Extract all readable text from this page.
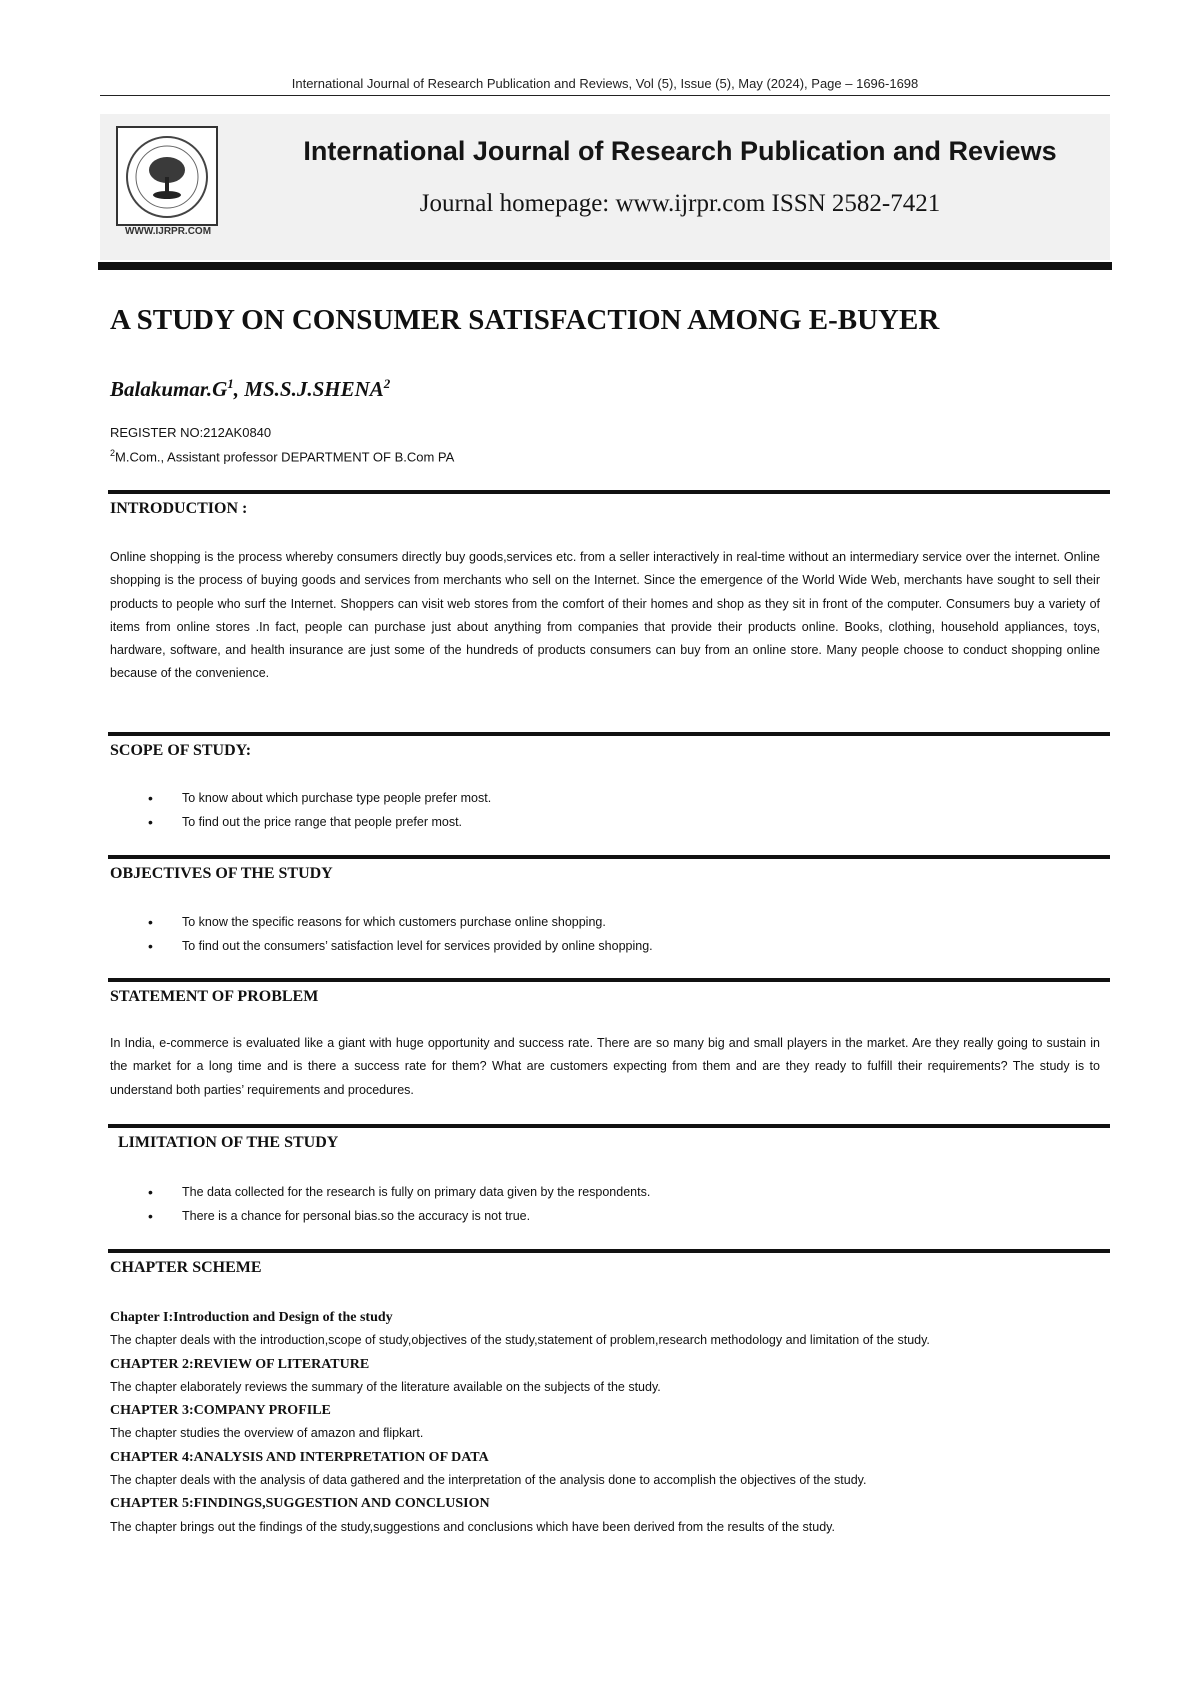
International Journal of Research Publication and Reviews, Vol (5), Issue (5), May (2024), Page – 1696-1698
WWW.IJRPR.COM
International Journal of Research Publication and Reviews
Journal homepage: www.ijrpr.com ISSN 2582-7421
A STUDY ON CONSUMER SATISFACTION AMONG E-BUYER
$Balakumar.G^1$, MS.S.J.SHENA$^2$
REGISTER NO:212AK0840
$^2$M.Com., Assistant professor DEPARTMENT OF B.Com PA
INTRODUCTION :

Online shopping is the process whereby consumers directly buy goods,services etc. from a seller interactively in real-time without an intermediary service over the internet. Online shopping is the process of buying goods and services from merchants who sell on the Internet. Since the emergence of the World Wide Web, merchants have sought to sell their products to people who surf the Internet. Shoppers can visit web stores from the comfort of their homes and shop as they sit in front of the computer. Consumers buy a variety of items from online stores .In fact, people can purchase just about anything from companies that provide their products online. Books, clothing, household appliances, toys, hardware, software, and health insurance are just some of the hundreds of products consumers can buy from an online store. Many people choose to conduct shopping online because of the convenience.

SCOPE OF STUDY:
• To know about which purchase type people prefer most.
• To find out the price range that people prefer most.
OBJECTIVES OF THE STUDY
• To know the specific reasons for which customers purchase online shopping.
• To find out the consumers’ satisfaction level for services provided by online shopping.
STATEMENT OF PROBLEM

In India, e-commerce is evaluated like a giant with huge opportunity and success rate. There are so many big and small players in the market. Are they really going to sustain in the market for a long time and is there a success rate for them? What are customers expecting from them and are they ready to fulfill their requirements? The study is to understand both parties’ requirements and procedures.

LIMITATION OF THE STUDY
• The data collected for the research is fully on primary data given by the respondents.
• There is a chance for personal bias.so the accuracy is not true.
CHAPTER SCHEME
Chapter I:Introduction and Design of the study
The chapter deals with the introduction,scope of study,objectives of the study,statement of problem,research methodology and limitation of the study.
CHAPTER 2:REVIEW OF LITERATURE
The chapter elaborately reviews the summary of the literature available on the subjects of the study.
CHAPTER 3:COMPANY PROFILE
The chapter studies the overview of amazon and flipkart.
CHAPTER 4:ANALYSIS AND INTERPRETATION OF DATA
The chapter deals with the analysis of data gathered and the interpretation of the analysis done to accomplish the objectives of the study.
CHAPTER 5:FINDINGS,SUGGESTION AND CONCLUSION
The chapter brings out the findings of the study,suggestions and conclusions which have been derived from the results of the study.
